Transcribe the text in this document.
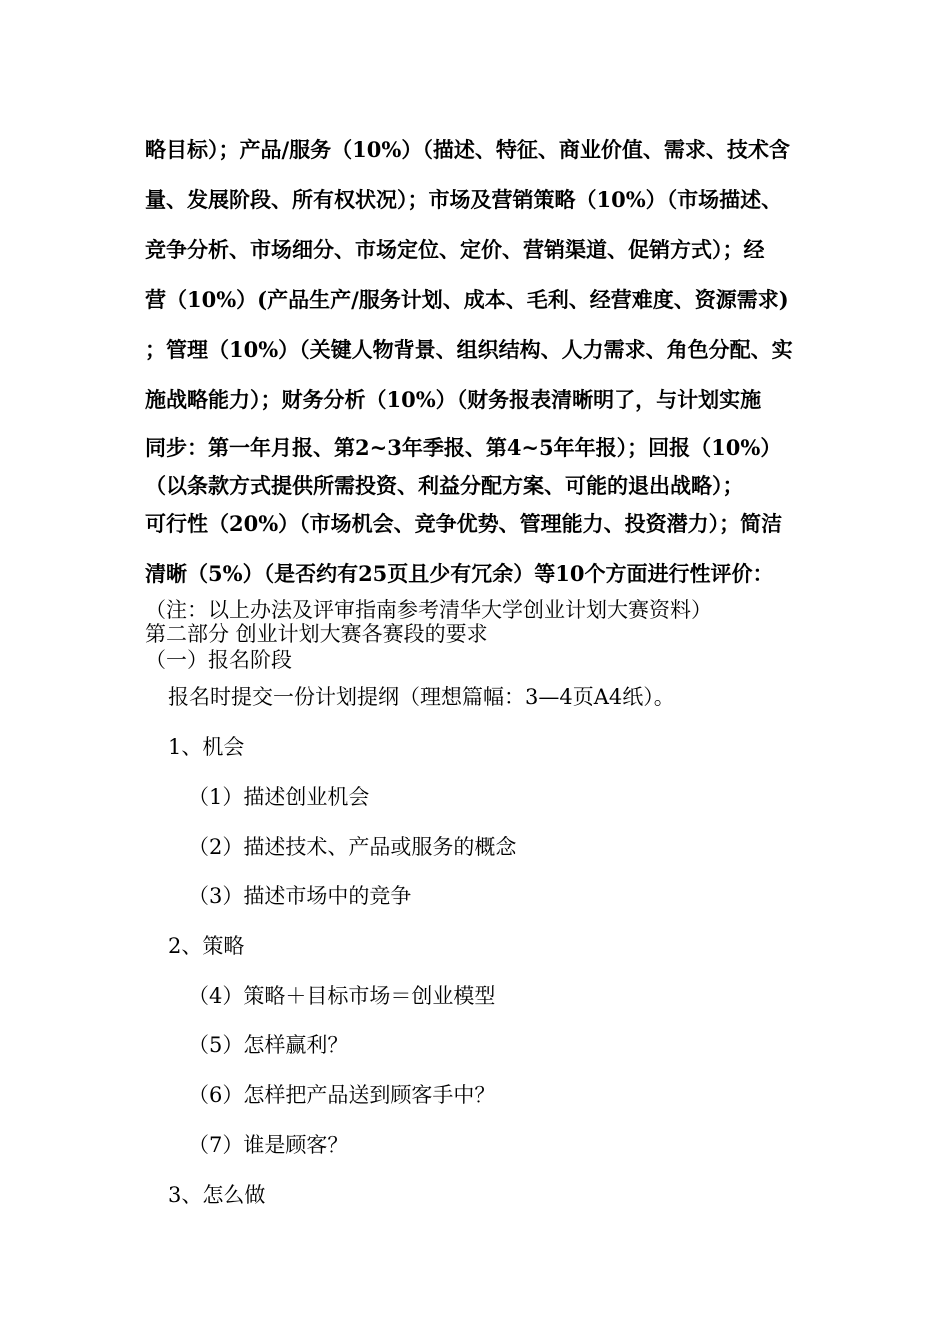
略目标）；产品/服务（10%）（描述、特征、商业价值、需求、技术含
量、发展阶段、所有权状况）；市场及营销策略（10%）（市场描述、
竞争分析、市场细分、市场定位、定价、营销渠道、促销方式）；经
营（10%）(产品生产/服务计划、成本、毛利、经营难度、资源需求)
；管理（10%）（关键人物背景、组织结构、人力需求、角色分配、实
施战略能力）；财务分析（10%）（财务报表清晰明了，与计划实施
同步：第一年月报、第2~3年季报、第4~5年年报）；回报（10%）
（以条款方式提供所需投资、利益分配方案、可能的退出战略）；
可行性（20%）（市场机会、竞争优势、管理能力、投资潜力）；简洁
清晰（5%）（是否约有25页且少有冗余）等10个方面进行性评价：
（注：以上办法及评审指南参考清华大学创业计划大赛资料）
第二部分 创业计划大赛各赛段的要求
（一）报名阶段
报名时提交一份计划提纲（理想篇幅：3—4页A4纸）。
1、机会
（1）描述创业机会
（2）描述技术、产品或服务的概念
（3）描述市场中的竞争
2、策略
（4）策略＋目标市场＝创业模型
（5）怎样赢利？
（6）怎样把产品送到顾客手中？
（7）谁是顾客？
3、怎么做
